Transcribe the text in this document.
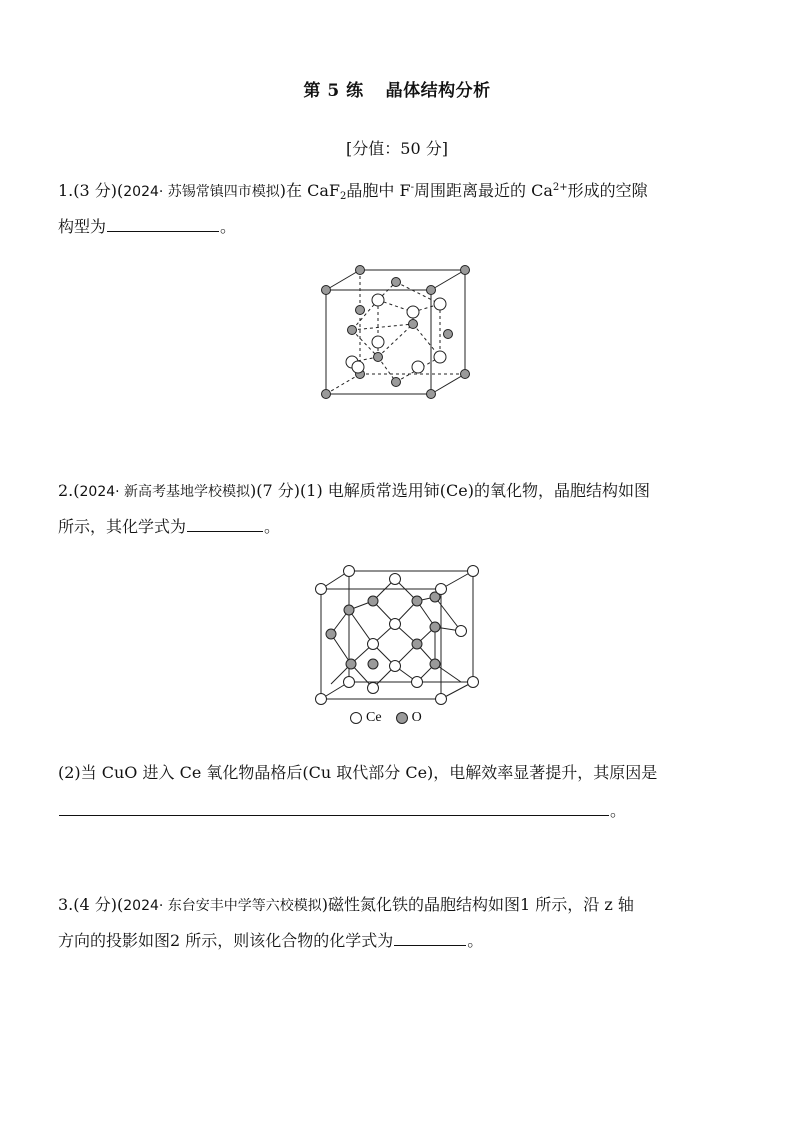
第 5 练 晶体结构分析
[分值：50 分]
1.(3 分)(2024· 苏锡常镇四市模拟)在 CaF$_2$晶胞中 F-周围距离最近的 $Ca^{2+}$形成的空隙
构型为	。
2.(2024· 新高考基地学校模拟)(7 分)(1) 电解质常选用铈(Ce)的氧化物，晶胞结构如图
所示，其化学式为	。
Ce O
(2)当 CuO 进入 Ce 氧化物晶格后(Cu 取代部分 Ce)，电解效率显著提升，其原因是
。
3.(4 分)(2024· 东台安丰中学等六校模拟)磁性氮化铁的晶胞结构如图1 所示，沿 z 轴
方向的投影如图2 所示，则该化合物的化学式为	。
